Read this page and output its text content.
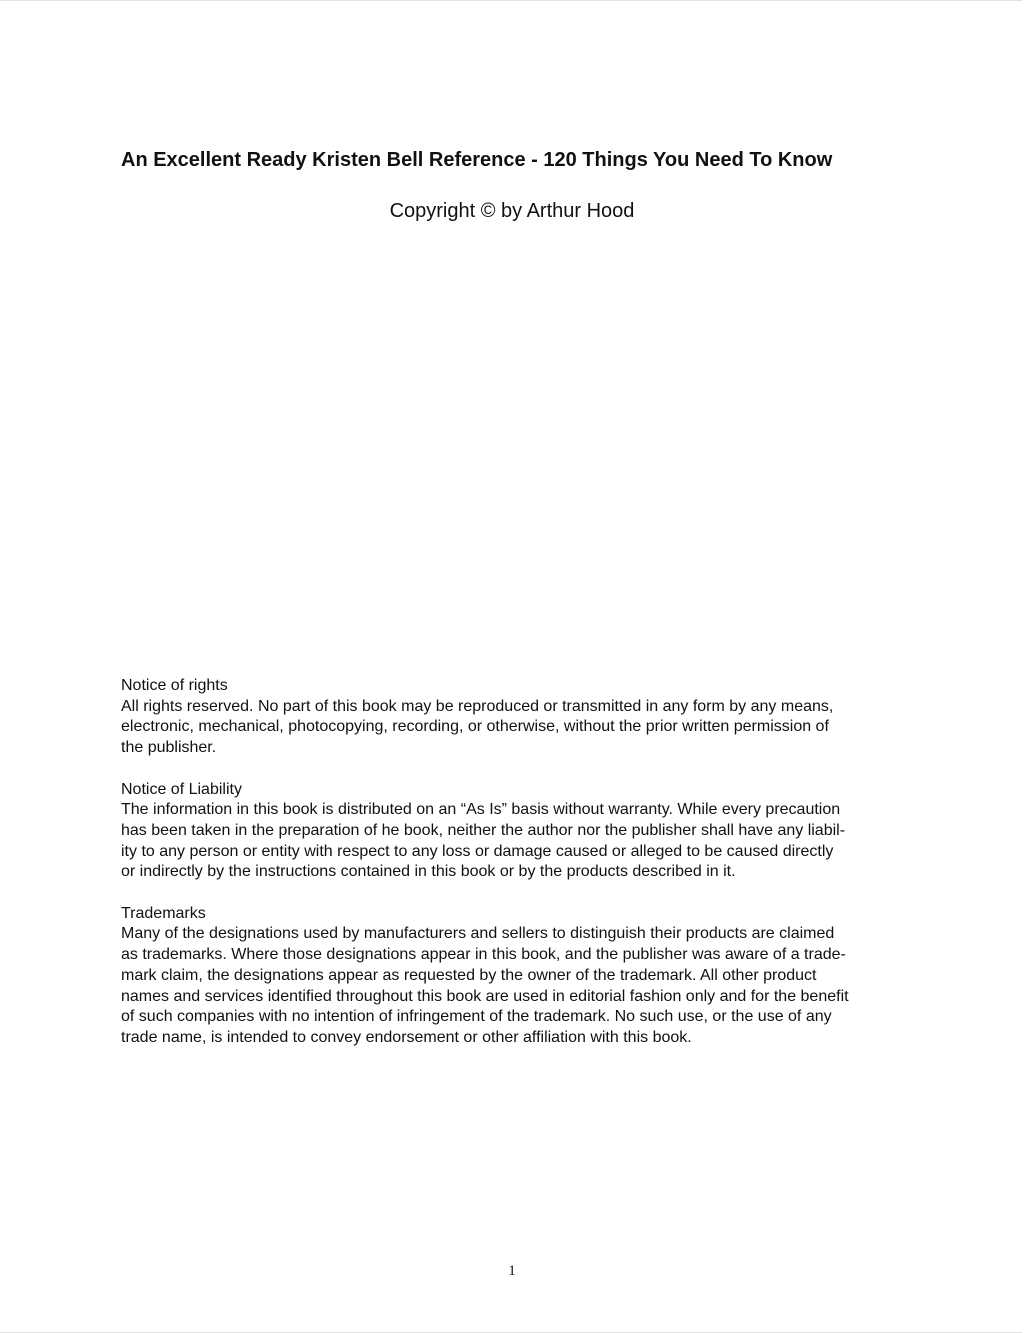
An Excellent Ready Kristen Bell Reference - 120 Things You Need To Know

Copyright © by Arthur Hood

Notice of rights
All rights reserved. No part of this book may be reproduced or transmitted in any form by any means,
electronic, mechanical, photocopying, recording, or otherwise, without the prior written permission of
the publisher.
Notice of Liability
The information in this book is distributed on an “As Is” basis without warranty. While every precaution
has been taken in the preparation of he book, neither the author nor the publisher shall have any liabil-
ity to any person or entity with respect to any loss or damage caused or alleged to be caused directly
or indirectly by the instructions contained in this book or by the products described in it.
Trademarks
Many of the designations used by manufacturers and sellers to distinguish their products are claimed
as trademarks. Where those designations appear in this book, and the publisher was aware of a trade-
mark claim, the designations appear as requested by the owner of the trademark. All other product
names and services identified throughout this book are used in editorial fashion only and for the benefit
of such companies with no intention of infringement of the trademark. No such use, or the use of any
trade name, is intended to convey endorsement or other affiliation with this book.
1
